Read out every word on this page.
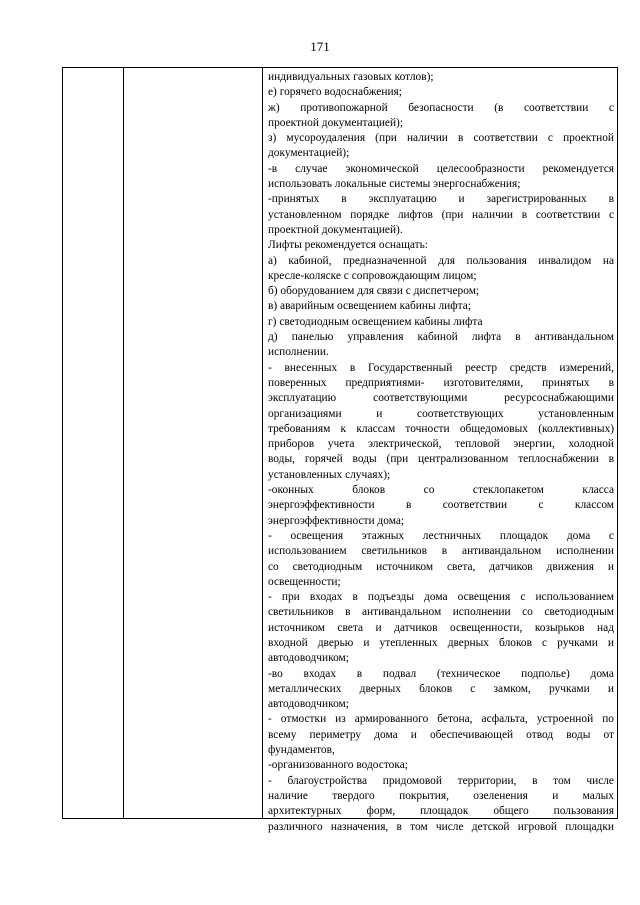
171
индивидуальных газовых котлов);
е) горячего водоснабжения;
ж) противопожарной безопасности (в соответствии с
проектной документацией);
з) мусороудаления (при наличии в соответствии с проектной
документацией);
-в случае экономической целесообразности рекомендуется
использовать локальные системы энергоснабжения;
-принятых в эксплуатацию и зарегистрированных в
установленном порядке лифтов (при наличии в соответствии с
проектной документацией).
Лифты рекомендуется оснащать:
а) кабиной, предназначенной для пользования инвалидом на
кресле-коляске с сопровождающим лицом;
б) оборудованием для связи с диспетчером;
в) аварийным освещением кабины лифта;
г) светодиодным освещением кабины лифта
д) панелью управления кабиной лифта в антивандальном
исполнении.
- внесенных в Государственный реестр средств измерений,
поверенных предприятиями- изготовителями, принятых в
эксплуатацию соответствующими ресурсоснабжающими
организациями и соответствующих установленным
требованиям к классам точности общедомовых (коллективных)
приборов учета электрической, тепловой энергии, холодной
воды, горячей воды (при централизованном теплоснабжении в
установленных случаях);
-оконных блоков со стеклопакетом класса
энергоэффективности в соответствии с классом
энергоэффективности дома;
- освещения этажных лестничных площадок дома с
использованием светильников в антивандальном исполнении
со светодиодным источником света, датчиков движения и
освещенности;
- при входах в подъезды дома освещения с использованием
светильников в антивандальном исполнении со светодиодным
источником света и датчиков освещенности, козырьков над
входной дверью и утепленных дверных блоков с ручками и
автодоводчиком;
-во входах в подвал (техническое подполье) дома
металлических дверных блоков с замком, ручками и
автодоводчиком;
- отмостки из армированного бетона, асфальта, устроенной по
всему периметру дома и обеспечивающей отвод воды от
фундаментов,
-организованного водостока;
- благоустройства придомовой территории, в том числе
наличие твердого покрытия, озеленения и малых
архитектурных форм, площадок общего пользования
различного назначения, в том числе детской игровой площадки
